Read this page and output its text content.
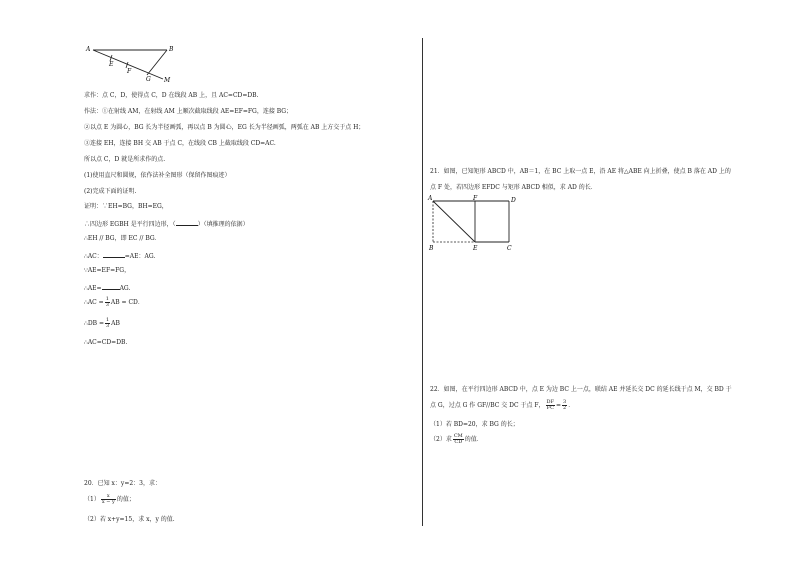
A	B
E
F
G M
求作：点 C，D，使得点 C，D 在线段 AB 上，且 AC=CD=DB.
作法：①在射线 AM，在射线 AM 上顺次截取线段 AE=EF=FG，连接 BG；
②以点 E 为圆心，BG 长为半径画弧，再以点 B 为圆心，EG 长为半径画弧，两弧在 AB 上方交于点 H；
③连接 EH，连接 BH 交 AB 于点 C，在线段 CB 上截取线段 CD=AC.
所以点 C，D 就是所求作的点.
(1)使用直尺和圆规，依作法补全图形（保留作图痕迹）
(2)完成下面的证明.
证明：∵EH=BG，BH=EG，
∴四边形 EGBH 是平行四边形，（	）（填推理的依据）
∴EH // BG，即 EC // BG．
∴AC：	=AE：AG.
∵AE=EF=FG，
∴AE=	AG.
∴AC = $\frac{1}{3}$ AB = CD．
∴DB = $\frac{1}{3}$ AB
∴AC=CD=DB.
20．已知 x：y=2：3，求：
$(1) \frac{x}{x - y}$ 的值；
（2）若 x+y=15，求 x，y 的值.
21．如图，已知矩形 ABCD 中，AB＝1，在 BC 上取一点 E，沿 AE 将△ABE 向上折叠，使点 B 落在 AD 上的
点 F 处，若四边形 EFDC 与矩形 ABCD 相似，求 AD 的长．
A	F	D
B	E	C
22．如图，在平行四边形 ABCD 中，点 E 为边 BC 上一点，联结 AE 并延长交 DC 的延长线于点 M，交 BD 于
点 G，过点 G 作 GF//BC 交 DC 于点 F， $\frac{DF}{FC} = \frac{3}{2}$ ．
（1）若 BD=20，求 BG 的长；
（2）求 $\frac{CM}{CD}$ 的值．
